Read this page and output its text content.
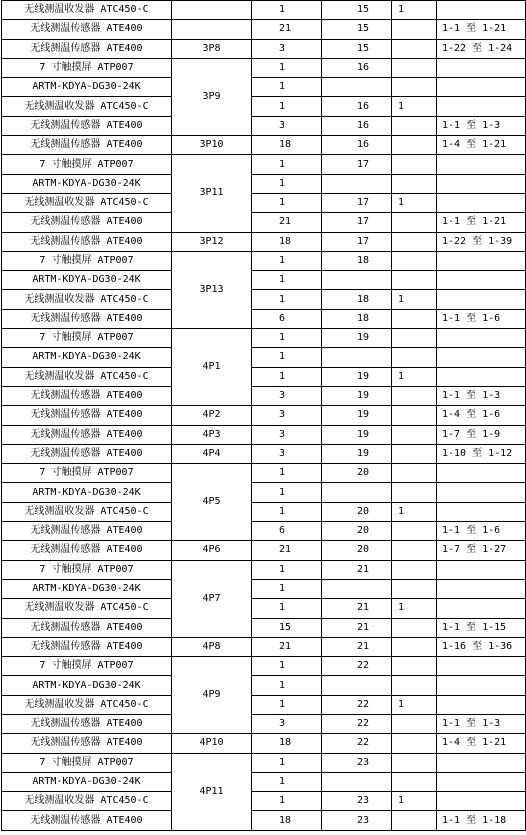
无线测温收发器 ATC450-C		1	15	1	
无线测温传感器 ATE400		21	15		1-1 至 1-21
无线测温传感器 ATE400	3P8	3	15		1-22 至 1-24
7 寸触摸屏 ATP007	3P9	1	16		
ARTM-KDYA-DG30-24K		1			
无线测温收发器 ATC450-C		1	16	1	
无线测温传感器 ATE400		3	16		1-1 至 1-3
无线测温传感器 ATE400	3P10	18	16		1-4 至 1-21
7 寸触摸屏 ATP007	3P11	1	17		
ARTM-KDYA-DG30-24K		1			
无线测温收发器 ATC450-C		1	17	1	
无线测温传感器 ATE400		21	17		1-1 至 1-21
无线测温传感器 ATE400	3P12	18	17		1-22 至 1-39
7 寸触摸屏 ATP007	3P13	1	18		
ARTM-KDYA-DG30-24K		1			
无线测温收发器 ATC450-C		1	18	1	
无线测温传感器 ATE400		6	18		1-1 至 1-6
7 寸触摸屏 ATP007	4P1	1	19		
ARTM-KDYA-DG30-24K		1			
无线测温收发器 ATC450-C		1	19	1	
无线测温传感器 ATE400		3	19		1-1 至 1-3
无线测温传感器 ATE400	4P2	3	19		1-4 至 1-6
无线测温传感器 ATE400	4P3	3	19		1-7 至 1-9
无线测温传感器 ATE400	4P4	3	19		1-10 至 1-12
7 寸触摸屏 ATP007	4P5	1	20		
ARTM-KDYA-DG30-24K		1			
无线测温收发器 ATC450-C		1	20	1	
无线测温传感器 ATE400		6	20		1-1 至 1-6
无线测温传感器 ATE400	4P6	21	20		1-7 至 1-27
7 寸触摸屏 ATP007	4P7	1	21		
ARTM-KDYA-DG30-24K		1			
无线测温收发器 ATC450-C		1	21	1	
无线测温传感器 ATE400		15	21		1-1 至 1-15
无线测温传感器 ATE400	4P8	21	21		1-16 至 1-36
7 寸触摸屏 ATP007	4P9	1	22		
ARTM-KDYA-DG30-24K		1			
无线测温收发器 ATC450-C		1	22	1	
无线测温传感器 ATE400		3	22		1-1 至 1-3
无线测温传感器 ATE400	4P10	18	22		1-4 至 1-21
7 寸触摸屏 ATP007	4P11	1	23		
ARTM-KDYA-DG30-24K		1			
无线测温收发器 ATC450-C		1	23	1	
无线测温传感器 ATE400		18	23		1-1 至 1-18
